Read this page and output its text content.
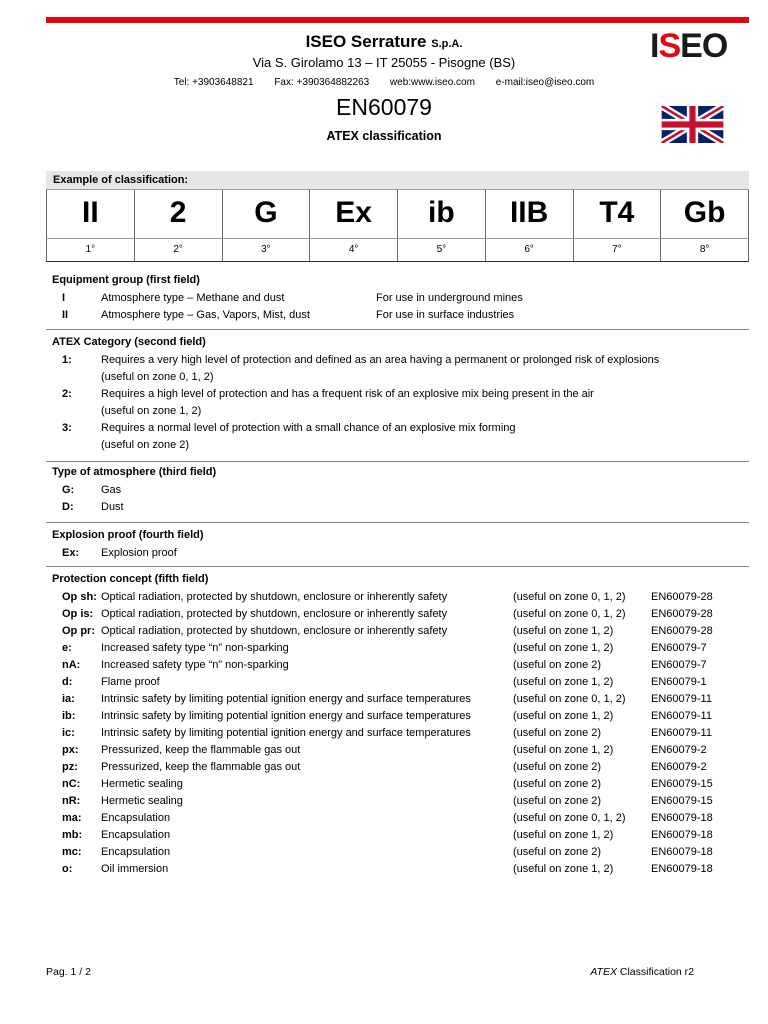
ISEO Serrature S.p.A.
Via S. Girolamo 13 – IT 25055 - Pisogne (BS)
Tel: +3903648821 Fax: +390364882263 web:www.iseo.com e-mail:iseo@iseo.com
EN60079
ATEX classification
ISEO
Example of classification:
II	2	G	Ex	ib	IIB	T4	Gb
1°	2°	3°	4°	5°	6°	7°	8°
Equipment group (first field)
I	Atmosphere type – Methane and dust	For use in underground mines
II	Atmosphere type – Gas, Vapors, Mist, dust	For use in surface industries
ATEX Category (second field)
1:	Requires a very high level of protection and defined as an area having a permanent or prolonged risk of explosions
(useful on zone 0, 1, 2)
2:	Requires a high level of protection and has a frequent risk of an explosive mix being present in the air
(useful on zone 1, 2)
3:	Requires a normal level of protection with a small chance of an explosive mix forming
(useful on zone 2)
Type of atmosphere (third field)
G:	Gas
D:	Dust
Explosion proof (fourth field)
Ex:	Explosion proof
Protection concept (fifth field)
Op sh: Optical radiation, protected by shutdown, enclosure or inherently safety	(useful on zone 0, 1, 2)	EN60079-28
Op is: Optical radiation, protected by shutdown, enclosure or inherently safety	(useful on zone 0, 1, 2)	EN60079-28
Op pr: Optical radiation, protected by shutdown, enclosure or inherently safety	(useful on zone 1, 2)	EN60079-28
e:	Increased safety type “n” non-sparking	(useful on zone 1, 2)	EN60079-7
nA:	Increased safety type “n” non-sparking	(useful on zone 2)	EN60079-7
d:	Flame proof	(useful on zone 1, 2)	EN60079-1
ia:	Intrinsic safety by limiting potential ignition energy and surface temperatures	(useful on zone 0, 1, 2)	EN60079-11
ib:	Intrinsic safety by limiting potential ignition energy and surface temperatures	(useful on zone 1, 2)	EN60079-11
ic:	Intrinsic safety by limiting potential ignition energy and surface temperatures	(useful on zone 2)	EN60079-11
px:	Pressurized, keep the flammable gas out	(useful on zone 1, 2)	EN60079-2
pz:	Pressurized, keep the flammable gas out	(useful on zone 2)	EN60079-2
nC:	Hermetic sealing	(useful on zone 2)	EN60079-15
nR:	Hermetic sealing	(useful on zone 2)	EN60079-15
ma:	Encapsulation	(useful on zone 0, 1, 2)	EN60079-18
mb:	Encapsulation	(useful on zone 1, 2)	EN60079-18
mc:	Encapsulation	(useful on zone 2)	EN60079-18
o:	Oil immersion	(useful on zone 1, 2)	EN60079-18
Pag. 1 / 2	ATEX Classification r2
